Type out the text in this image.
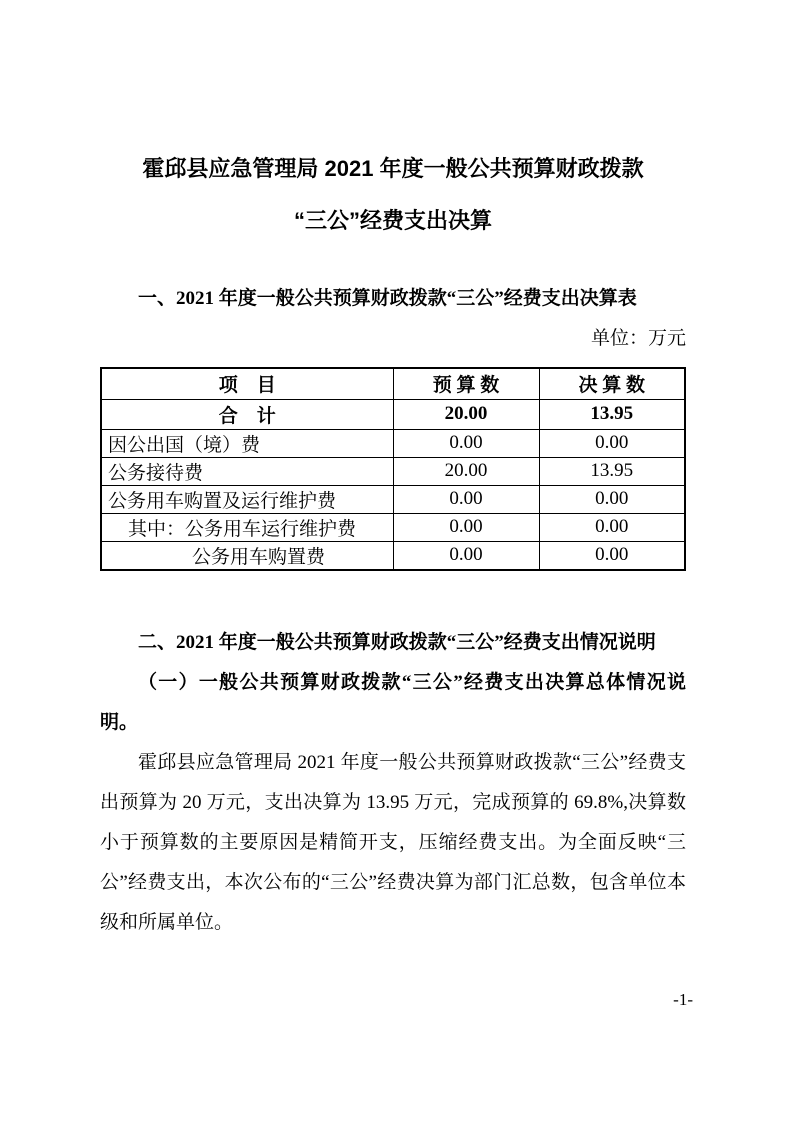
霍邱县应急管理局 2021 年度一般公共预算财政拨款
“三公”经费支出决算

一、2021 年度一般公共预算财政拨款“三公”经费支出决算表

单位：万元

项　目	预 算 数	决 算 数
合　计	20.00	13.95
因公出国（境）费	0.00	0.00
公务接待费	20.00	13.95
公务用车购置及运行维护费	0.00	0.00
其中：公务用车运行维护费	0.00	0.00
公务用车购置费	0.00	0.00

二、2021 年度一般公共预算财政拨款“三公”经费支出情况说明

（一）一般公共预算财政拨款“三公”经费支出决算总体情况说明。

霍邱县应急管理局 2021 年度一般公共预算财政拨款“三公”经费支出预算为 20 万元，支出决算为 13.95 万元，完成预算的 69.8%,决算数小于预算数的主要原因是精简开支，压缩经费支出。为全面反映“三公”经费支出，本次公布的“三公”经费决算为部门汇总数，包含单位本级和所属单位。

-1-
